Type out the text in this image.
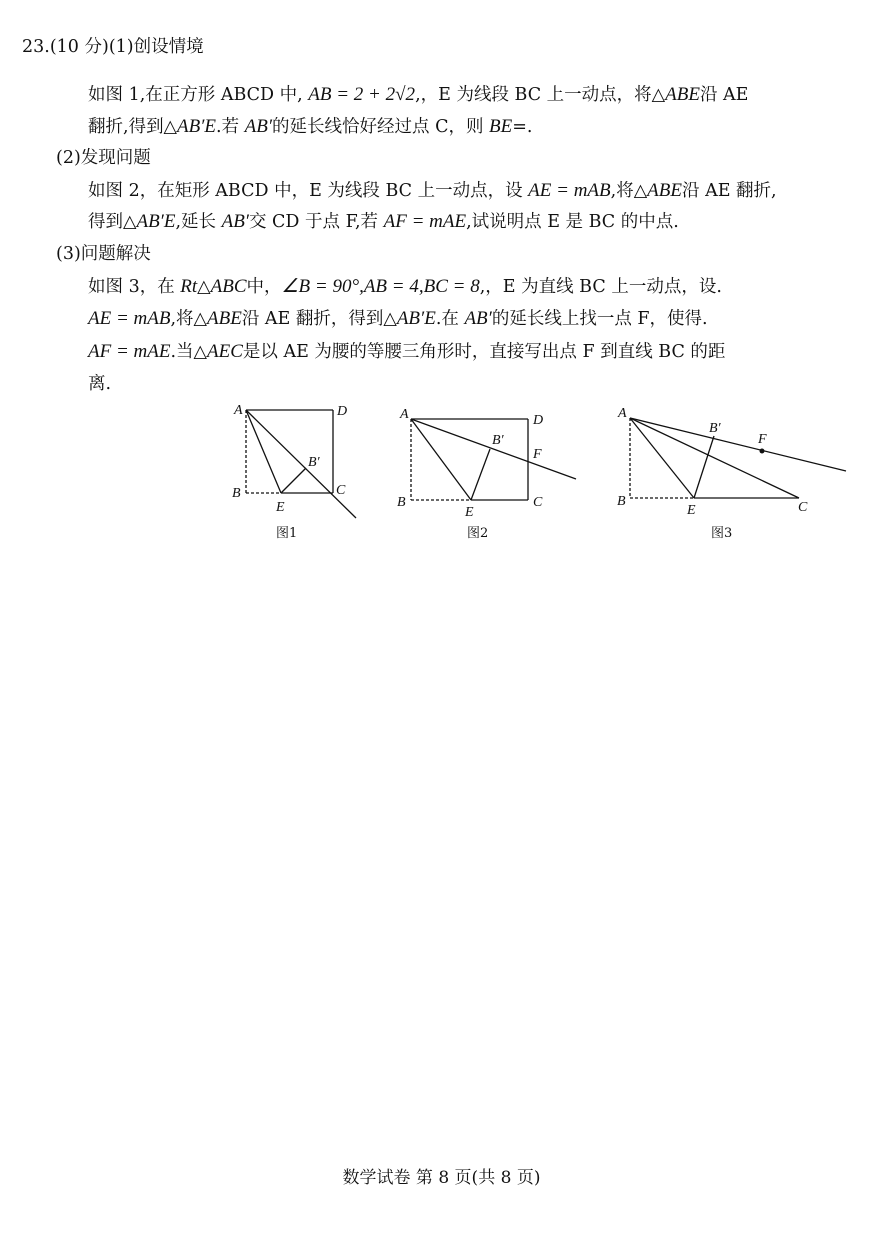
23.(10 分)(1)创设情境
如图 1,在正方形 ABCD 中, AB = 2 + 2√2,，E 为线段 BC 上一动点，将△ABE沿 AE
翻折,得到△AB′E.若 AB′的延长线恰好经过点 C，则 BE=.
(2)发现问题
如图 2，在矩形 ABCD 中，E 为线段 BC 上一动点，设 AE = mAB,将△ABE沿 AE 翻折,
得到△AB′E,延长 AB′交 CD 于点 F,若 AF = mAE,试说明点 E 是 BC 的中点.
(3)问题解决
如图 3，在 Rt△ABC中，∠B = 90°,AB = 4,BC = 8,，E 为直线 BC 上一动点，设.
AE = mAB,将△ABE沿 AE 翻折，得到△AB′E.在 AB′的延长线上找一点 F，使得.
AF = mAE.当△AEC是以 AE 为腰的等腰三角形时，直接写出点 F 到直线 BC 的距
离.
A	D
B	C
E
B′
图1
A	D
B	C
E
B′
F
图2
A
B	C
E
B′
F
图3
数学试卷 第 8 页(共 8 页)
